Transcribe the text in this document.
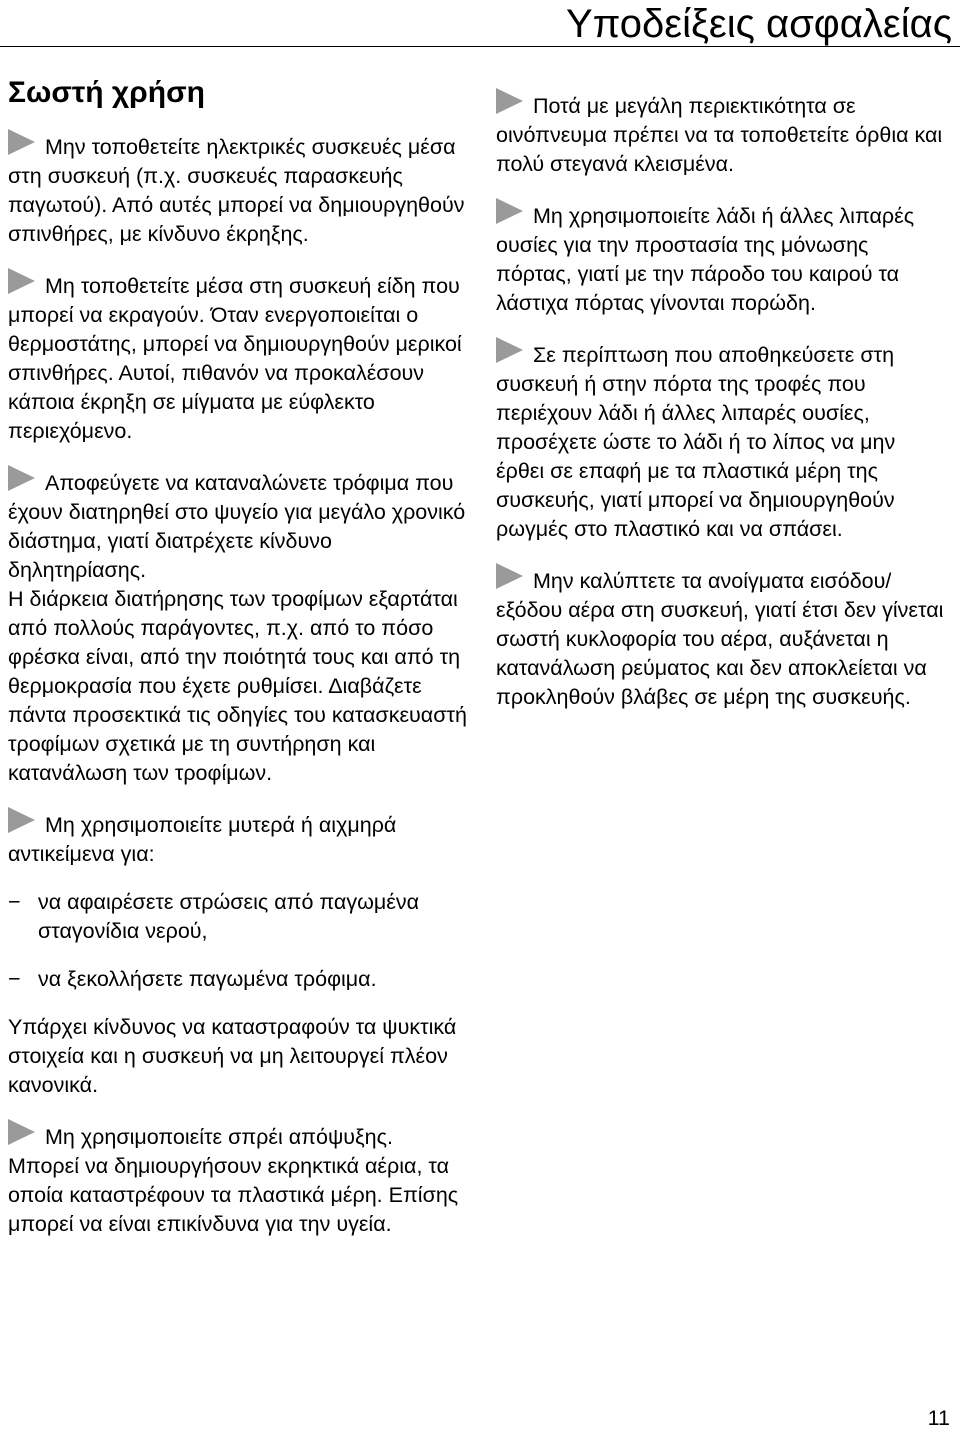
Υποδείξεις ασφαλείας
Σωστή χρήση
Μην τοποθετείτε ηλεκτρικές συσκευές μέσα στη συσκευή (π.χ. συσκευές παρασκευής παγωτού). Από αυτές μπορεί να δημιουργηθούν σπινθήρες, με κίνδυνο έκρηξης.
Μη τοποθετείτε μέσα στη συσκευή είδη που μπορεί να εκραγούν. Όταν ενεργοποιείται ο θερμοστάτης, μπορεί να δημιουργηθούν μερικοί σπινθήρες. Αυτοί, πιθανόν να προκαλέσουν κάποια έκρηξη σε μίγματα με εύφλεκτο περιεχόμενο.

Αποφεύγετε να καταναλώνετε τρόφιμα που έχουν διατηρηθεί στο ψυγείο για μεγάλο χρονικό διάστημα, γιατί διατρέχετε κίνδυνο δηλητηρίασης.

Η διάρκεια διατήρησης των τροφίμων εξαρτάται από πολλούς παράγοντες, π.χ. από το πόσο φρέσκα είναι, από την ποιότητά τους και από τη θερμοκρασία που έχετε ρυθμίσει. Διαβάζετε πάντα προσεκτικά τις οδηγίες του κατασκευαστή τροφίμων σχετικά με τη συντήρηση και κατανάλωση των τροφίμων.

Μη χρησιμοποιείτε μυτερά ή αιχμηρά αντικείμενα για:
− να αφαιρέσετε στρώσεις από παγωμένα σταγονίδια νερού,
− να ξεκολλήσετε παγωμένα τρόφιμα.
Υπάρχει κίνδυνος να καταστραφούν τα ψυκτικά στοιχεία και η συσκευή να μη λειτουργεί πλέον κανονικά.

Μη χρησιμοποιείτε σπρέι απόψυξης.

Μπορεί να δημιουργήσουν εκρηκτικά αέρια, τα οποία καταστρέφουν τα πλαστικά μέρη. Επίσης μπορεί να είναι επικίνδυνα για την υγεία.

Ποτά με μεγάλη περιεκτικότητα σε οινόπνευμα πρέπει να τα τοποθετείτε όρθια και πολύ στεγανά κλεισμένα.
Μη χρησιμοποιείτε λάδι ή άλλες λιπαρές ουσίες για την προστασία της μόνωσης πόρτας, γιατί με την πάροδο του καιρού τα λάστιχα πόρτας γίνονται πορώδη.
Σε περίπτωση που αποθηκεύσετε στη συσκευή ή στην πόρτα της τροφές που περιέχουν λάδι ή άλλες λιπαρές ουσίες, προσέχετε ώστε το λάδι ή το λίπος να μην έρθει σε επαφή με τα πλαστικά μέρη της συσκευής, γιατί μπορεί να δημιουργηθούν ρωγμές στο πλαστικό και να σπάσει.
Μην καλύπτετε τα ανοίγματα εισόδου/εξόδου αέρα στη συσκευή, γιατί έτσι δεν γίνεται σωστή κυκλοφορία του αέρα, αυξάνεται η κατανάλωση ρεύματος και δεν αποκλείεται να προκληθούν βλάβες σε μέρη της συσκευής.
11
